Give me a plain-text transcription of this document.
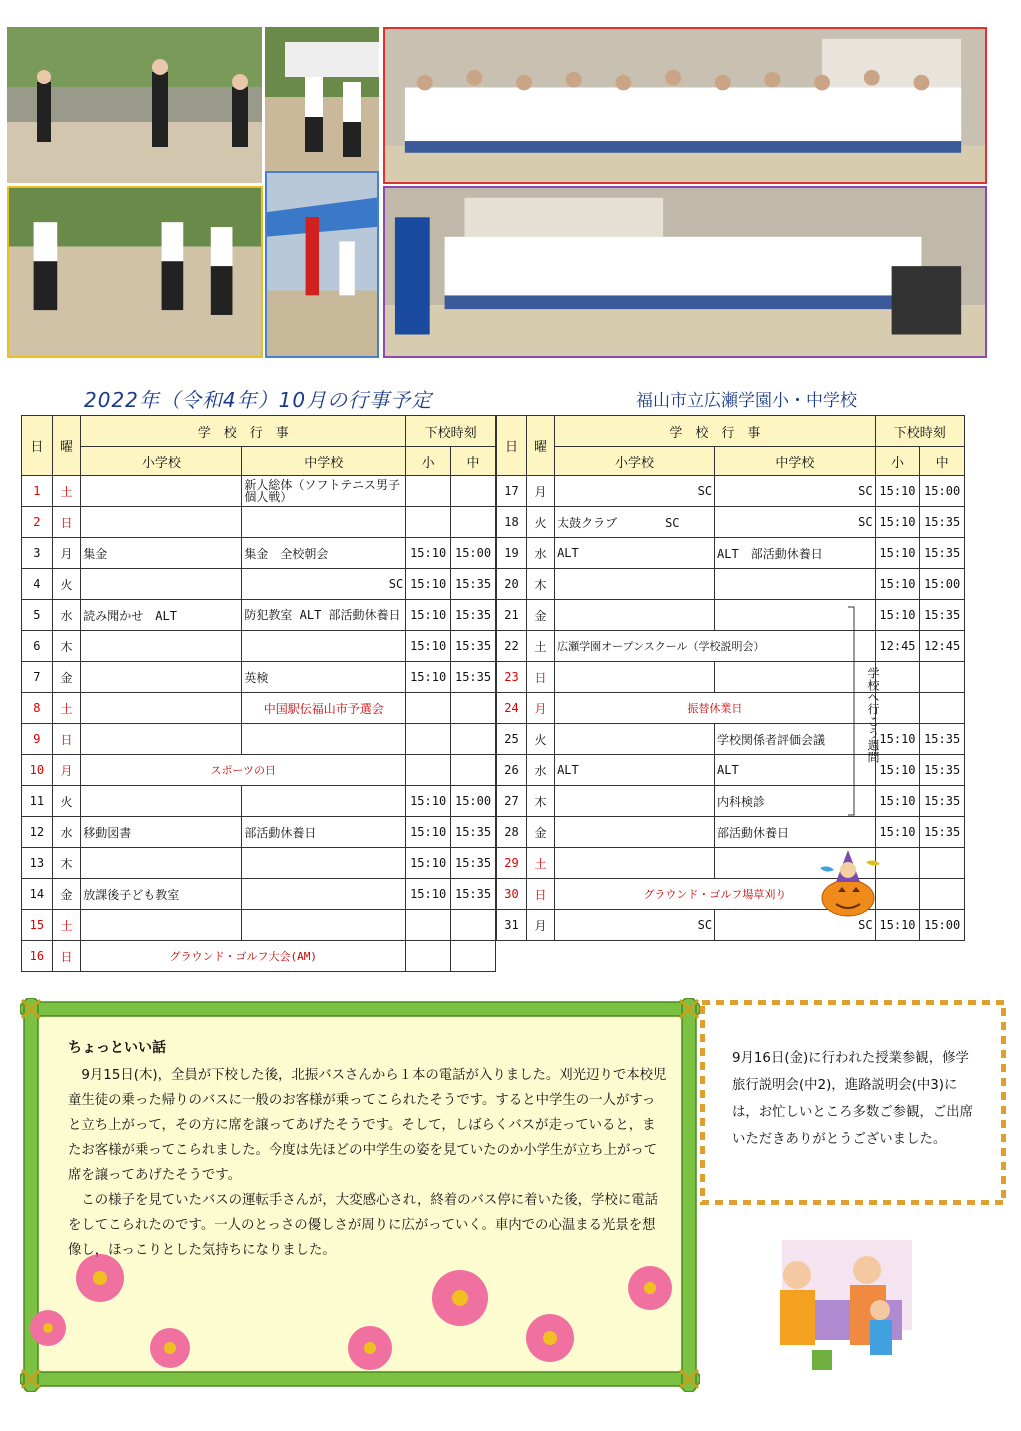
2022年（令和4年）10月の行事予定	福山市立広瀬学園小・中学校
日	曜	学　校　行　事		下校時刻	
		小学校	中学校	小	中
1	土		新人総体（ソフトテニス男子個人戦）		
2	日				
3	月	集金	集金　全校朝会	15:10	15:00
4	火		SC	15:10	15:35
5	水	読み聞かせ　ALT	防犯教室 ALT 部活動休養日	15:10	15:35
6	木			15:10	15:35
7	金		英検	15:10	15:35
8	土		中国駅伝福山市予選会		
9	日				
10	月	スポーツの日			
11	火			15:10	15:00
12	水	移動図書	部活動休養日	15:10	15:35
13	木			15:10	15:35
14	金	放課後子ども教室		15:10	15:35
15	土				
16	日	グラウンド・ゴルフ大会(AM)			
日	曜	学　校　行　事		下校時刻	
		小学校	中学校	小	中
17	月	SC	SC	15:10	15:00
18	火	太鼓クラブ　　　　SC	SC	15:10	15:35
19	水	ALT	ALT　部活動休養日	15:10	15:35
20	木			15:10	15:00
21	金			15:10	15:35
22	土	広瀬学園オープンスクール（学校説明会）		12:45	12:45
23	日				
24	月	振替休業日			
25	火		学校関係者評価会議	15:10	15:35
26	水	ALT	ALT	15:10	15:35
27	木		内科検診	15:10	15:35
28	金		部活動休養日	15:10	15:35
29	土				
30	日	グラウンド・ゴルフ場草刈り			
31	月	SC	SC	15:10	15:00
学校へ行こう週間
ちょっといい話

9月15日(木)，全員が下校した後，北振バスさんから１本の電話が入りました。刈光辺りで本校児童生徒の乗った帰りのバスに一般のお客様が乗ってこられたそうです。すると中学生の一人がすっと立ち上がって，その方に席を譲ってあげたそうです。そして，しばらくバスが走っていると，またお客様が乗ってこられました。今度は先ほどの中学生の姿を見ていたのか小学生が立ち上がって席を譲ってあげたそうです。

この様子を見ていたバスの運転手さんが，大変感心され，終着のバス停に着いた後，学校に電話をしてこられたのです。一人のとっさの優しさが周りに広がっていく。車内での心温まる光景を想像し，ほっこりとした気持ちになりました。

9月16日(金)に行われた授業参観，修学旅行説明会(中2)，進路説明会(中3)には，お忙しいところ多数ご参観，ご出席いただきありがとうございました。
